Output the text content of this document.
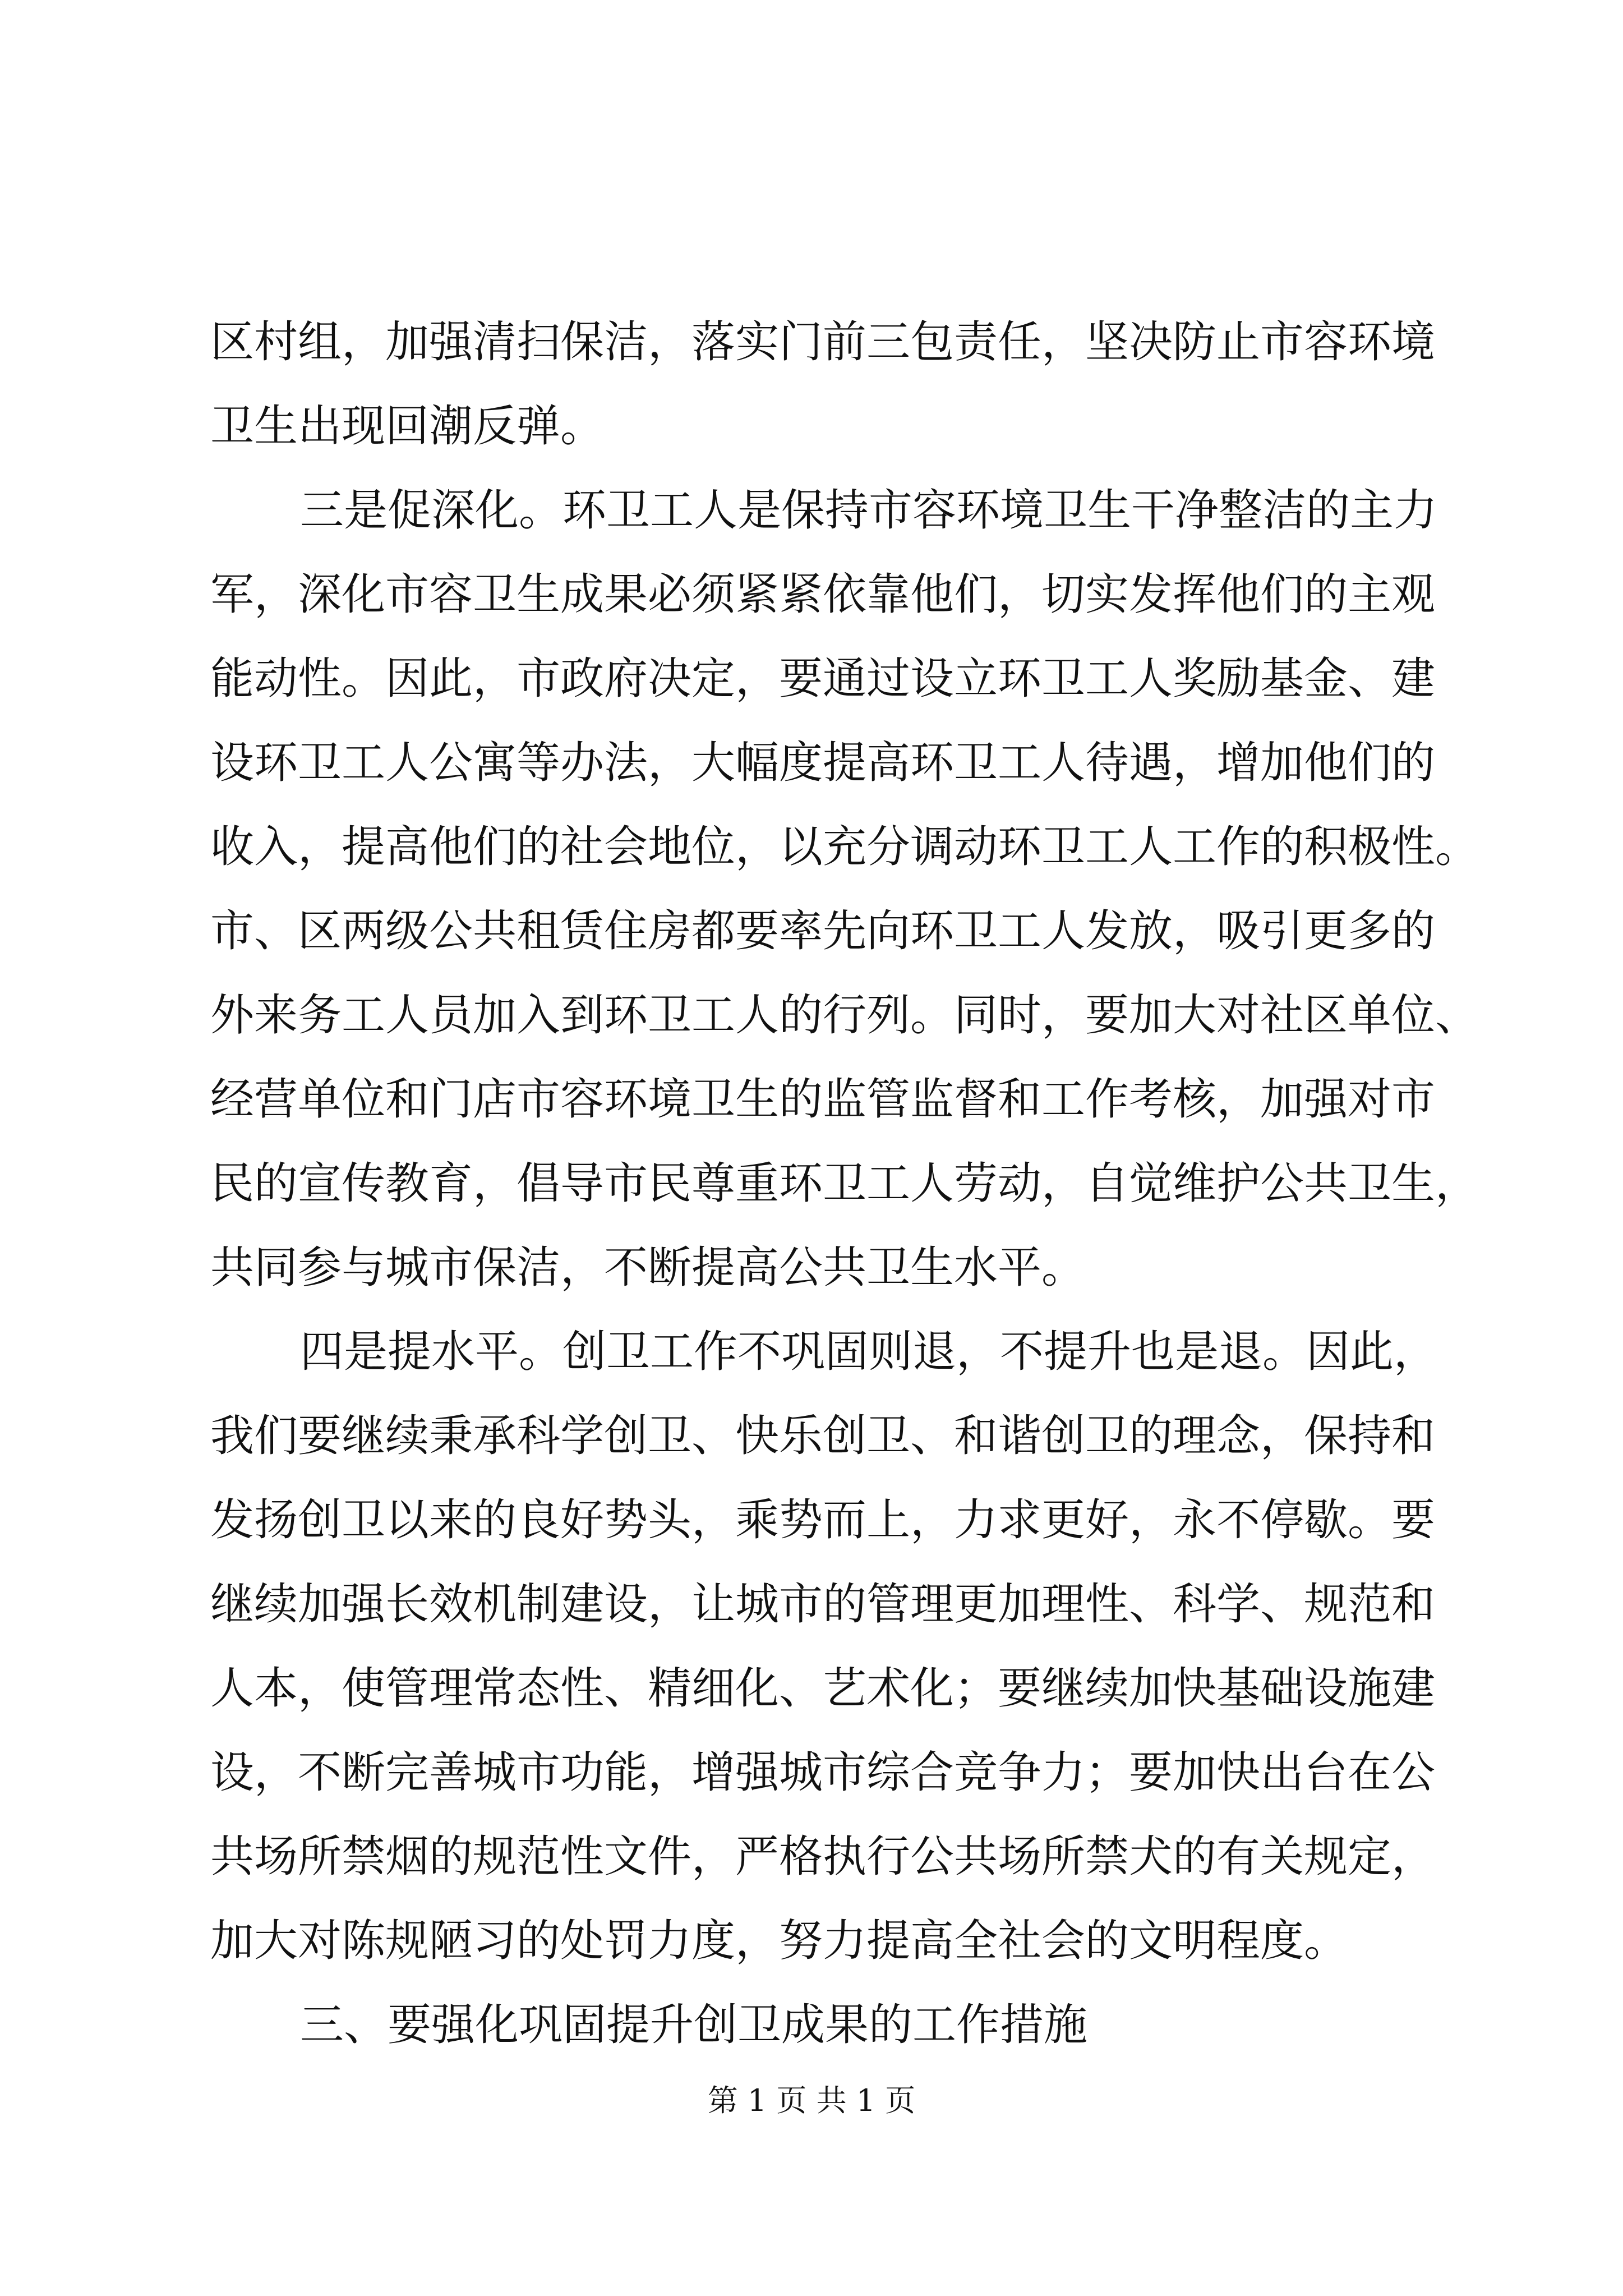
区村组，加强清扫保洁，落实门前三包责任，坚决防止市容环境
卫生出现回潮反弹。
三是促深化。环卫工人是保持市容环境卫生干净整洁的主力
军，深化市容卫生成果必须紧紧依靠他们，切实发挥他们的主观
能动性。因此，市政府决定，要通过设立环卫工人奖励基金、建
设环卫工人公寓等办法，大幅度提高环卫工人待遇，增加他们的
收入，提高他们的社会地位，以充分调动环卫工人工作的积极性。
市、区两级公共租赁住房都要率先向环卫工人发放，吸引更多的
外来务工人员加入到环卫工人的行列。同时，要加大对社区单位、
经营单位和门店市容环境卫生的监管监督和工作考核，加强对市
民的宣传教育，倡导市民尊重环卫工人劳动，自觉维护公共卫生，
共同参与城市保洁，不断提高公共卫生水平。
四是提水平。创卫工作不巩固则退，不提升也是退。因此，
我们要继续秉承科学创卫、快乐创卫、和谐创卫的理念，保持和
发扬创卫以来的良好势头，乘势而上，力求更好，永不停歇。要
继续加强长效机制建设，让城市的管理更加理性、科学、规范和
人本，使管理常态性、精细化、艺术化；要继续加快基础设施建
设，不断完善城市功能，增强城市综合竞争力；要加快出台在公
共场所禁烟的规范性文件，严格执行公共场所禁犬的有关规定，
加大对陈规陋习的处罚力度，努力提高全社会的文明程度。
三、要强化巩固提升创卫成果的工作措施
第 1 页 共 1 页
